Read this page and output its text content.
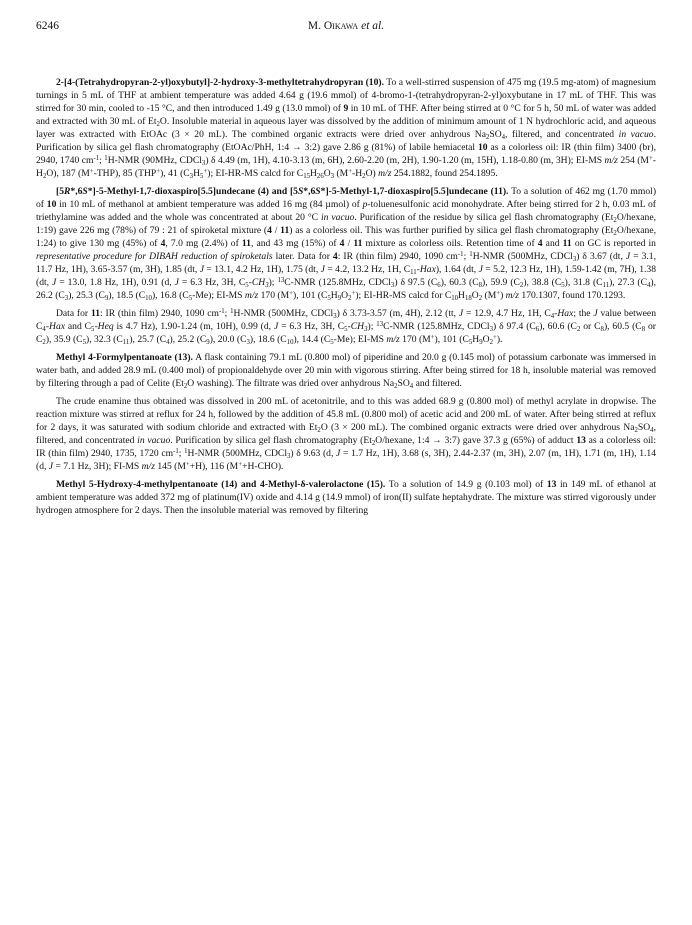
6246	M. Oikawa et al.

2-[4-(Tetrahydropyran-2-yl)oxybutyl]-2-hydroxy-3-methyltetrahydropyran (10). To a well-stirred suspension of 475 mg (19.5 mg-atom) of magnesium turnings in 5 mL of THF at ambient temperature was added 4.64 g (19.6 mmol) of 4-bromo-1-(tetrahydropyran-2-yl)oxybutane in 17 mL of THF. This was stirred for 30 min, cooled to -15 °C, and then introduced 1.49 g (13.0 mmol) of 9 in 10 mL of THF. After being stirred at 0 °C for 5 h, 50 mL of water was added and extracted with 30 mL of $Et_2O$. Insoluble material in aqueous layer was dissolved by the addition of minimum amount of 1 N hydrochloric acid, and aqueous layer was extracted with EtOAc (3 × 20 mL). The combined organic extracts were dried over anhydrous $Na_2SO_4$, filtered, and concentrated in vacuo. Purification by silica gel flash chromatography (EtOAc/PhH, 1:4 → 3:2) gave 2.86 g (81%) of labile hemiacetal 10 as a colorless oil: IR (thin film) 3400 (br), 2940, 1740 $cm^{-1}$; $^1$H-NMR (90MHz, CDCl$_3$) δ 4.49 (m, 1H), 4.10-3.13 (m, 6H), 2.60-2.20 (m, 2H), 1.90-1.20 (m, 15H), 1.18-0.80 (m, 3H); EI-MS m/z 254 $(M^+-H_2O)$, 187 (M+-THP), 85 (THP+), 41 $(C_3H_5^+)$; EI-HR-MS calcd for $C_{15}H_{26}O_3$ $(M^+-H_2O)$ m/z 254.1882, found 254.1895.

[5R*,6S*]-5-Methyl-1,7-dioxaspiro[5.5]undecane (4) and [5S*,6S*]-5-Methyl-1,7-dioxaspiro[5.5]undecane (11). To a solution of 462 mg (1.70 mmol) of 10 in 10 mL of methanol at ambient temperature was added 16 mg (84 µmol) of p-toluenesulfonic acid monohydrate. After being stirred for 2 h, 0.03 mL of triethylamine was added and the whole was concentrated at about 20 °C in vacuo. Purification of the residue by silica gel flash chromatography ($Et_2O$/hexane, 1:19) gave 226 mg (78%) of 79 : 21 of spiroketal mixture (4 / 11) as a colorless oil. This was further purified by silica gel flash chromatography ($Et_2O$/hexane, 1:24) to give 130 mg (45%) of 4, 7.0 mg (2.4%) of 11, and 43 mg (15%) of 4 / 11 mixture as colorless oils. Retention time of 4 and 11 on GC is reported in representative procedure for DIBAH reduction of spiroketals later. Data for 4: IR (thin film) 2940, 1090 $cm^{-1}$; $^1$H-NMR (500MHz, CDCl$_3$) δ 3.67 (dt, J = 3.1, 11.7 Hz, 1H), 3.65-3.57 (m, 3H), 1.85 (dt, J = 13.1, 4.2 Hz, 1H), 1.75 (dt, J = 4.2, 13.2 Hz, 1H, $C_{11}-Hax$), 1.64 (dt, J = 5.2, 12.3 Hz, 1H), 1.59-1.42 (m, 7H), 1.38 (dt, J = 13.0, 1.8 Hz, 1H), 0.91 (d, J = 6.3 Hz, 3H, $C_5-CH_3$); $^{13}$C-NMR (125.8MHz, CDCl$_3$) δ 97.5 $(C_6)$, 60.3 $(C_8)$, 59.9 $(C_2)$, 38.8 $(C_5)$, 31.8 $(C_{11})$, 27.3 $(C_4)$, 26.2 $(C_3)$, 25.3 $(C_9)$, 18.5 $(C_{10})$, 16.8 $(C_5-Me)$; EI-MS m/z 170 (M+), 101 $(C_5H_9O_2^+)$; EI-HR-MS calcd for $C_{10}H_{18}O_2$ (M+) m/z 170.1307, found 170.1293.

Data for 11: IR (thin film) 2940, 1090 $cm^{-1}$; $^1$H-NMR (500MHz, CDCl$_3$) δ 3.73-3.57 (m, 4H), 2.12 (tt, J = 12.9, 4.7 Hz, 1H, $C_4$-Hax; the J value between $C_4$-Hax and $C_5$-Heq is 4.7 Hz), 1.90-1.24 (m, 10H), 0.99 (d, J = 6.3 Hz, 3H, $C_5-CH_3$); $^{13}$C-NMR (125.8MHz, CDCl$_3$) δ 97.4 $(C_6)$, 60.6 ($C_2$ or $C_8$), 60.5 ($C_8$ or $C_2$), 35.9 $(C_5)$, 32.3 $(C_{11})$, 25.7 $(C_4)$, 25.2 $(C_9)$, 20.0 $(C_3)$, 18.6 $(C_{10})$, 14.4 $(C_5-Me)$; EI-MS m/z 170 (M+), 101 $(C_5H_9O_2^+)$.

Methyl 4-Formylpentanoate (13). A flask containing 79.1 mL (0.800 mol) of piperidine and 20.0 g (0.145 mol) of potassium carbonate was immersed in water bath, and added 28.9 mL (0.400 mol) of propionaldehyde over 20 min with vigorous stirring. After being stirred for 18 h, insoluble material was removed by filtering through a pad of Celite ($Et_2O$ washing). The filtrate was dried over anhydrous $Na_2SO_4$ and filtered.

The crude enamine thus obtained was dissolved in 200 mL of acetonitrile, and to this was added 68.9 g (0.800 mol) of methyl acrylate in dropwise. The reaction mixture was stirred at reflux for 24 h, followed by the addition of 45.8 mL (0.800 mol) of acetic acid and 200 mL of water. After being stirred at reflux for 2 days, it was saturated with sodium chloride and extracted with $Et_2O$ (3 × 200 mL). The combined organic extracts were dried over anhydrous $Na_2SO_4$, filtered, and concentrated in vacuo. Purification by silica gel flash chromatography ($Et_2O$/hexane, 1:4 → 3:7) gave 37.3 g (65%) of adduct 13 as a colorless oil: IR (thin film) 2940, 1735, 1720 $cm^{-1}$; $^1$H-NMR (500MHz, CDCl$_3$) δ 9.63 (d, J = 1.7 Hz, 1H), 3.68 (s, 3H), 2.44-2.37 (m, 3H), 2.07 (m, 1H), 1.71 (m, 1H), 1.14 (d, J = 7.1 Hz, 3H); FI-MS m/z 145 (M++H), 116 (M++H-CHO).

Methyl 5-Hydroxy-4-methylpentanoate (14) and 4-Methyl-δ-valerolactone (15). To a solution of 14.9 g (0.103 mol) of 13 in 149 mL of ethanol at ambient temperature was added 372 mg of platinum(IV) oxide and 4.14 g (14.9 mmol) of iron(II) sulfate heptahydrate. The mixture was stirred vigorously under hydrogen atmosphere for 2 days. Then the insoluble material was removed by filtering
